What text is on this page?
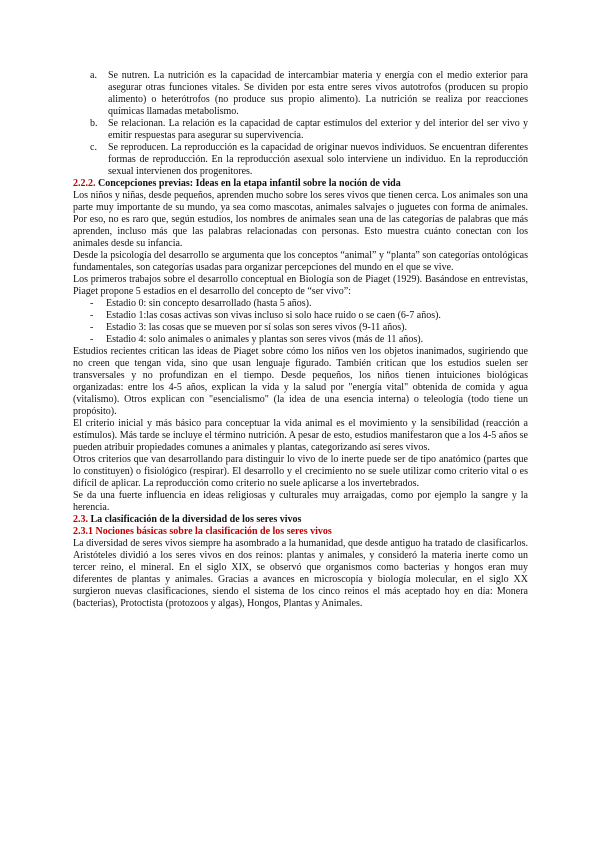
a. Se nutren. La nutrición es la capacidad de intercambiar materia y energía con el medio exterior para asegurar otras funciones vitales. Se dividen por esta entre seres vivos autotrofos (producen su propio alimento) o heterótrofos (no produce sus propio alimento). La nutrición se realiza por reacciones químicas llamadas metabolismo.
b. Se relacionan. La relación es la capacidad de captar estímulos del exterior y del interior del ser vivo y emitir respuestas para asegurar su supervivencia.
c. Se reproducen. La reproducción es la capacidad de originar nuevos individuos. Se encuentran diferentes formas de reproducción. En la reproducción asexual solo interviene un individuo. En la reproducción sexual intervienen dos progenitores.

2.2.2. Concepciones previas: Ideas en la etapa infantil sobre la noción de vida

Los niños y niñas, desde pequeños, aprenden mucho sobre los seres vivos que tienen cerca. Los animales son una parte muy importante de su mundo, ya sea como mascotas, animales salvajes o juguetes con forma de animales. Por eso, no es raro que, según estudios, los nombres de animales sean una de las categorías de palabras que más aprenden, incluso más que las palabras relacionadas con personas. Esto muestra cuánto conectan con los animales desde su infancia.

Desde la psicología del desarrollo se argumenta que los conceptos “animal” y “planta” son categorías ontológicas fundamentales, son categorías usadas para organizar percepciones del mundo en el que se vive.

Los primeros trabajos sobre el desarrollo conceptual en Biología son de Piaget (1929). Basándose en entrevistas, Piaget propone 5 estadios en el desarrollo del concepto de “ser vivo”:

- Estadio 0: sin concepto desarrollado (hasta 5 años).
- Estadio 1:las cosas activas son vivas incluso si solo hace ruido o se caen (6-7 años).
- Estadio 3: las cosas que se mueven por sí solas son seres vivos (9-11 años).
- Estadio 4: solo animales o animales y plantas son seres vivos (más de 11 años).

Estudios recientes critican las ideas de Piaget sobre cómo los niños ven los objetos inanimados, sugiriendo que no creen que tengan vida, sino que usan lenguaje figurado. También critican que los estudios suelen ser transversales y no profundizan en el tiempo. Desde pequeños, los niños tienen intuiciones biológicas organizadas: entre los 4-5 años, explican la vida y la salud por "energía vital" obtenida de comida y agua (vitalismo). Otros explican con "esencialismo" (la idea de una esencia interna) o teleología (todo tiene un propósito).

El criterio inicial y más básico para conceptuar la vida animal es el movimiento y la sensibilidad (reacción a estímulos). Más tarde se incluye el término nutrición. A pesar de esto, estudios manifestaron que a los 4-5 años se pueden atribuir propiedades comunes a animales y plantas, categorizando así seres vivos.

Otros criterios que van desarrollando para distinguir lo vivo de lo inerte puede ser de tipo anatómico (partes que lo constituyen) o fisiológico (respirar). El desarrollo y el crecimiento no se suele utilizar como criterio vital o es difícil de aplicar. La reproducción como criterio no suele aplicarse a los invertebrados.

Se da una fuerte influencia en ideas religiosas y culturales muy arraigadas, como por ejemplo la sangre y la herencia.

2.3. La clasificación de la diversidad de los seres vivos

2.3.1 Nociones básicas sobre la clasificación de los seres vivos

La diversidad de seres vivos siempre ha asombrado a la humanidad, que desde antiguo ha tratado de clasificarlos. Aristóteles dividió a los seres vivos en dos reinos: plantas y animales, y consideró la materia inerte como un tercer reino, el mineral. En el siglo XIX, se observó que organismos como bacterias y hongos eran muy diferentes de plantas y animales. Gracias a avances en microscopía y biología molecular, en el siglo XX surgieron nuevas clasificaciones, siendo el sistema de los cinco reinos el más aceptado hoy en día: Monera (bacterias), Protoctista (protozoos y algas), Hongos, Plantas y Animales.
